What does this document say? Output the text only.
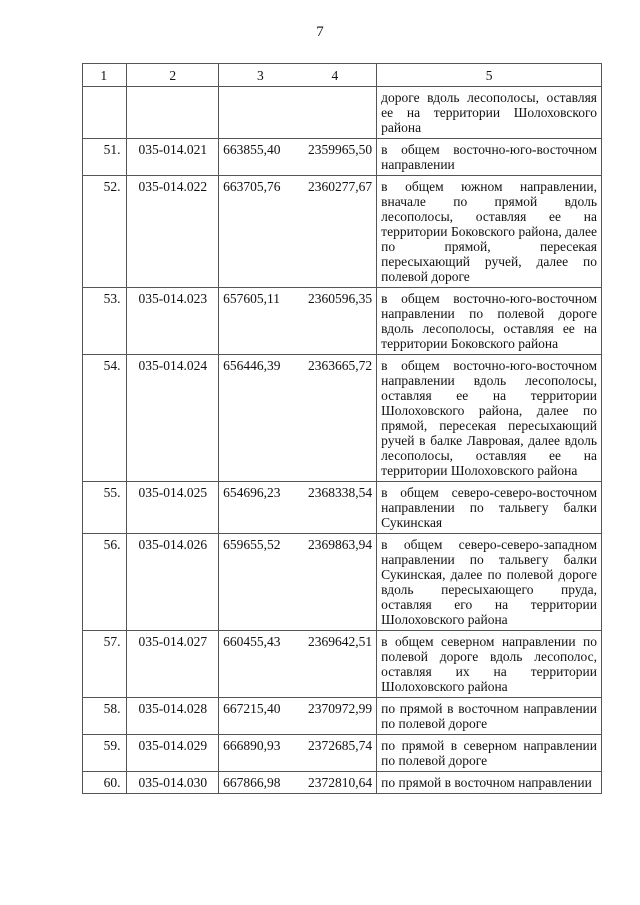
7
1	2	3 4	5
			дороге вдоль лесополосы, оставляя ее на территории Шолоховского района
51.	035-014.021	663855,40 2359965,50	в общем восточно-юго-восточном направлении
52.	035-014.022	663705,76 2360277,67	в общем южном направлении, вначале по прямой вдоль лесополосы, оставляя ее на территории Боковского района, далее по прямой, пересекая пересыхающий ручей, далее по полевой дороге
53.	035-014.023	657605,11 2360596,35	в общем восточно-юго-восточном направлении по полевой дороге вдоль лесополосы, оставляя ее на территории Боковского района
54.	035-014.024	656446,39 2363665,72	в общем восточно-юго-восточном направлении вдоль лесополосы, оставляя ее на территории Шолоховского района, далее по прямой, пересекая пересыхающий ручей в балке Лавровая, далее вдоль лесополосы, оставляя ее на территории Шолоховского района
55.	035-014.025	654696,23 2368338,54	в общем северо-северо-восточном направлении по тальвегу балки Сукинская
56.	035-014.026	659655,52 2369863,94	в общем северо-северо-западном направлении по тальвегу балки Сукинская, далее по полевой дороге вдоль пересыхающего пруда, оставляя его на территории Шолоховского района
57.	035-014.027	660455,43 2369642,51	в общем северном направлении по полевой дороге вдоль лесополос, оставляя их на территории Шолоховского района
58.	035-014.028	667215,40 2370972,99	по прямой в восточном направлении по полевой дороге
59.	035-014.029	666890,93 2372685,74	по прямой в северном направлении по полевой дороге
60.	035-014.030	667866,98 2372810,64	по прямой в восточном направлении
